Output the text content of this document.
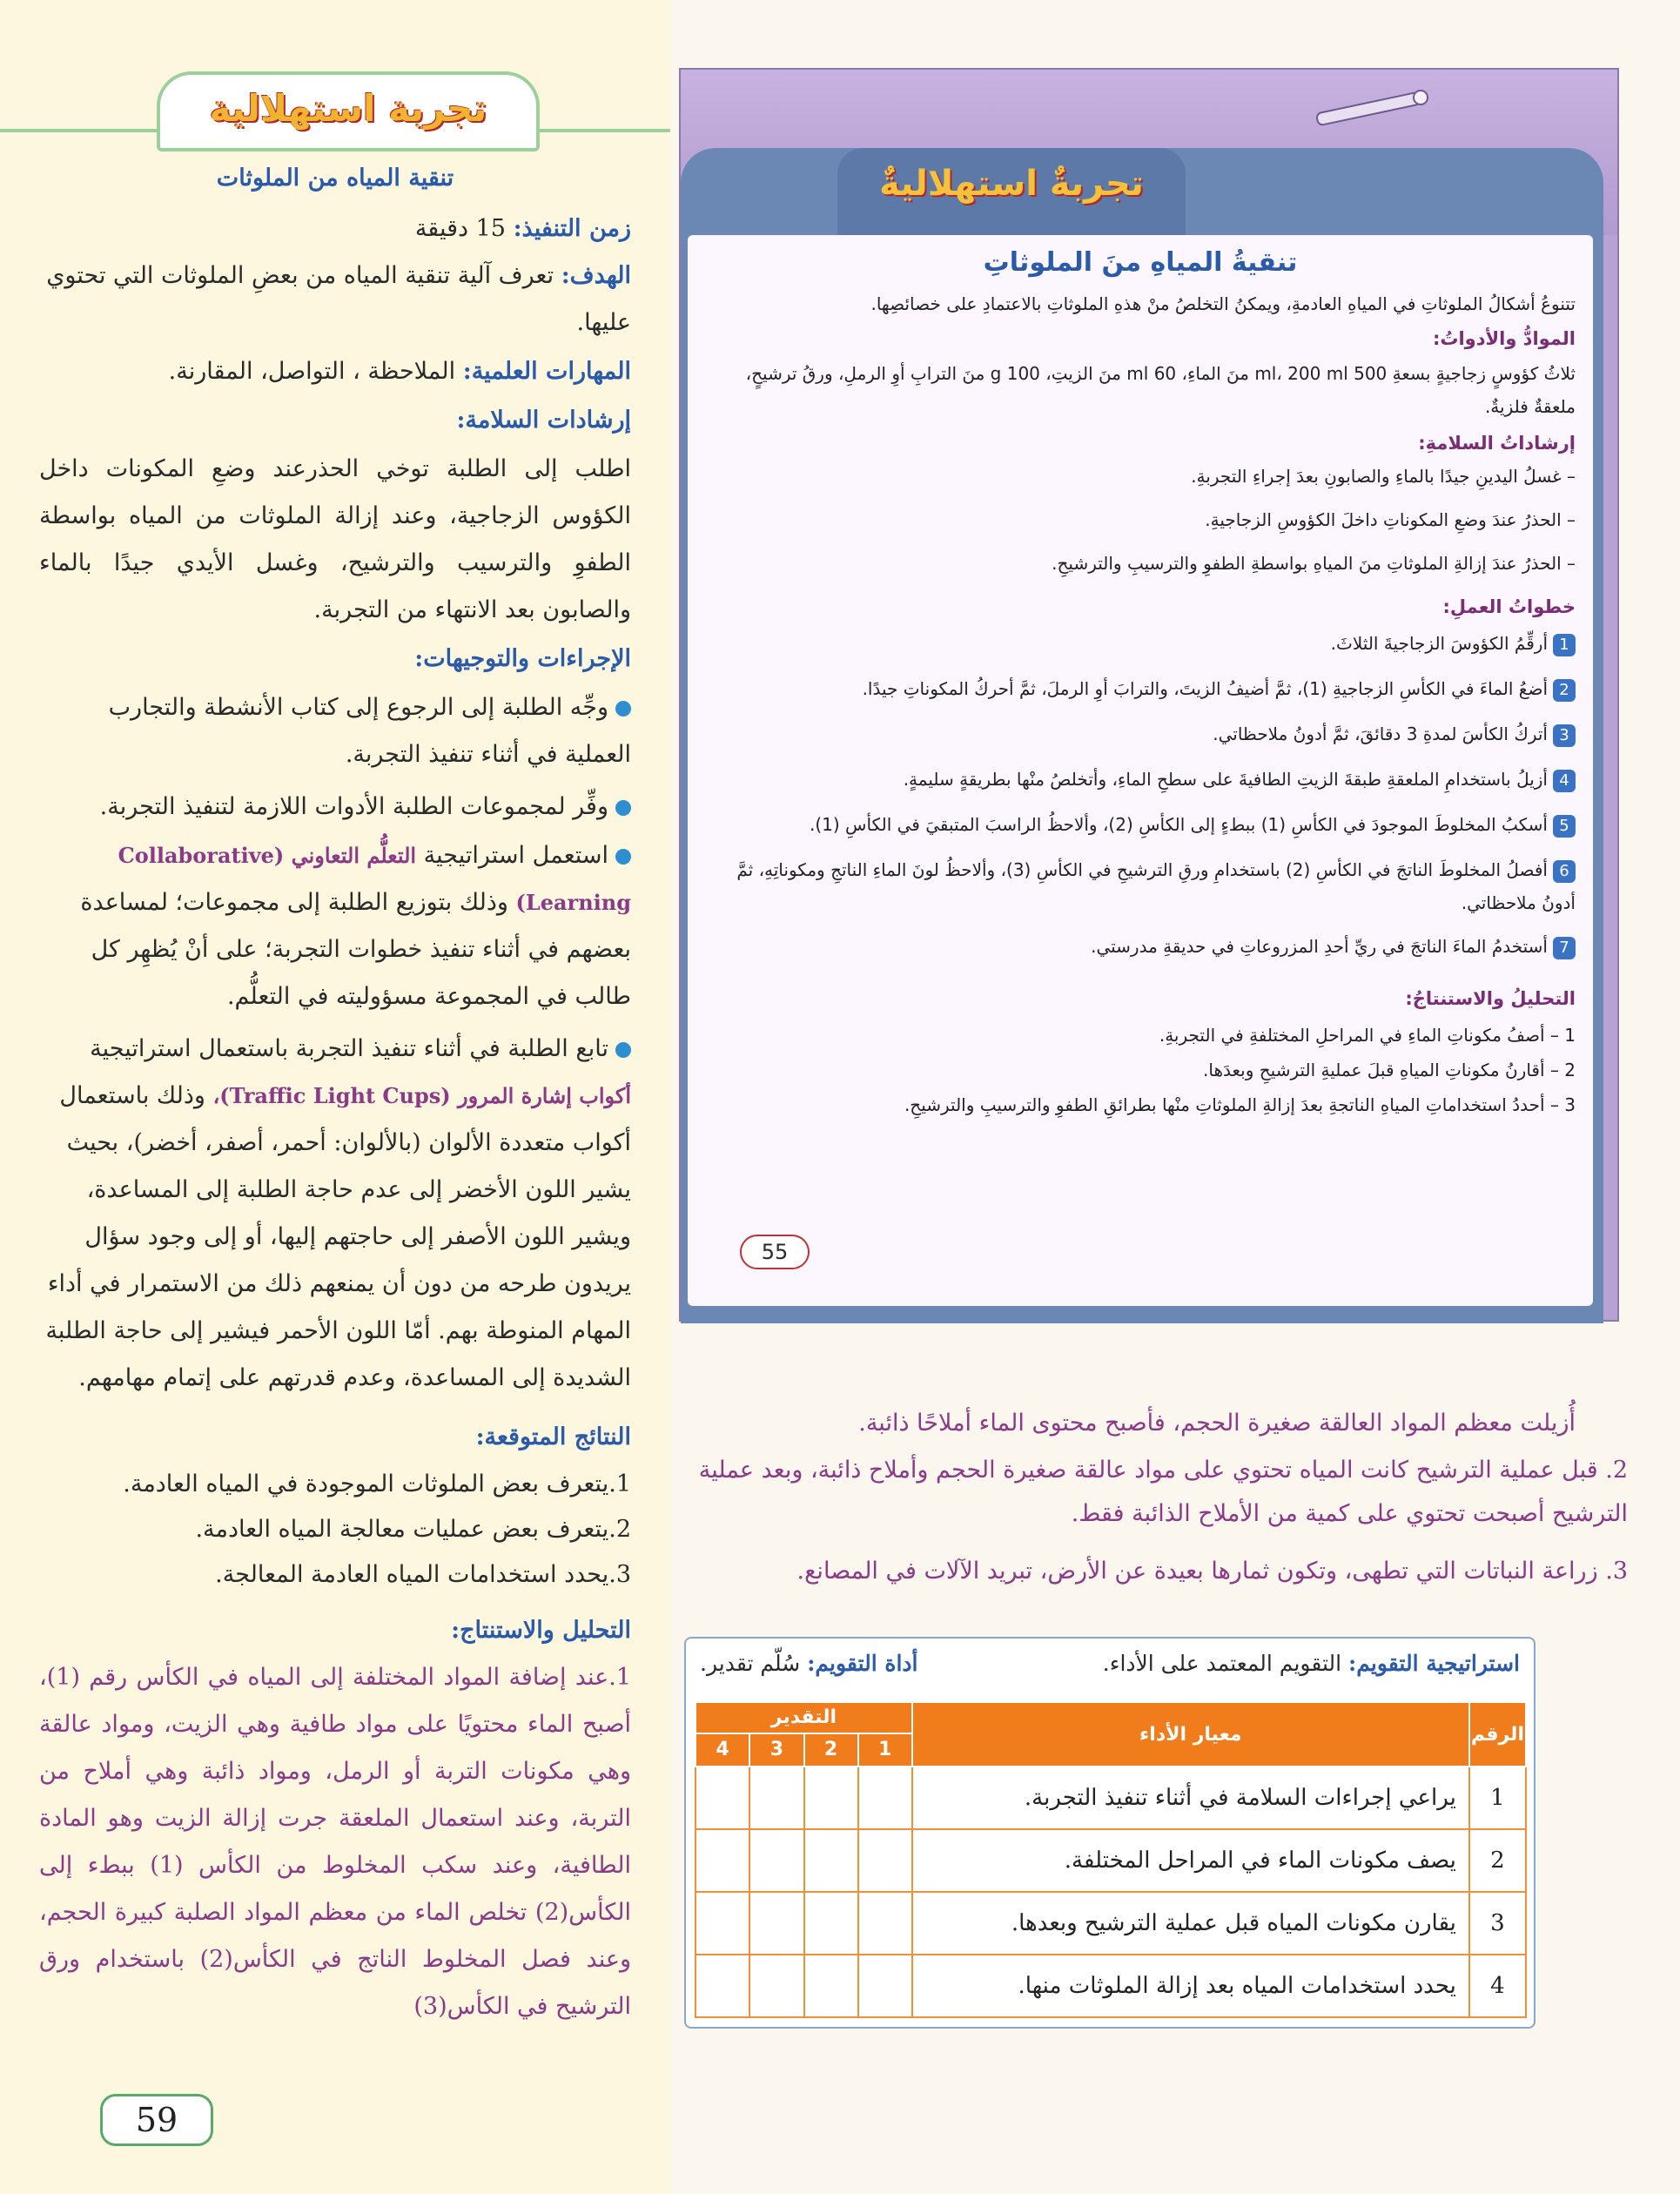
تجربة استهلالية
تنقية المياه من الملوثات
زمن التنفيذ: 15 دقيقة
الهدف: تعرف آلية تنقية المياه من بعضِ الملوثات التي تحتوي عليها.
المهارات العلمية: الملاحظة ، التواصل، المقارنة.
إرشادات السلامة:
اطلب إلى الطلبة توخي الحذرعند وضعِ المكونات داخل الكؤوس الزجاجية، وعند إزالة الملوثات من المياه بواسطة الطفوِ والترسيب والترشيح، وغسل الأيدي جيدًا بالماء والصابون بعد الانتهاء من التجربة.
الإجراءات والتوجيهات:
وجِّه الطلبة إلى الرجوع إلى كتاب الأنشطة والتجارب العملية في أثناء تنفيذ التجربة.
وفِّر لمجموعات الطلبة الأدوات اللازمة لتنفيذ التجربة.
استعمل استراتيجية التعلُّم التعاوني (Collaborative Learning) وذلك بتوزيع الطلبة إلى مجموعات؛ لمساعدة بعضهم في أثناء تنفيذ خطوات التجربة؛ على أنْ يُظهِر كل طالب في المجموعة مسؤوليته في التعلُّم.
تابع الطلبة في أثناء تنفيذ التجربة باستعمال استراتيجية أكواب إشارة المرور (Traffic Light Cups)، وذلك باستعمال أكواب متعددة الألوان (بالألوان: أحمر، أصفر، أخضر)، بحيث يشير اللون الأخضر إلى عدم حاجة الطلبة إلى المساعدة، ويشير اللون الأصفر إلى حاجتهم إليها، أو إلى وجود سؤال يريدون طرحه من دون أن يمنعهم ذلك من الاستمرار في أداء المهام المنوطة بهم. أمّا اللون الأحمر فيشير إلى حاجة الطلبة الشديدة إلى المساعدة، وعدم قدرتهم على إتمام مهامهم.
النتائج المتوقعة:
1.يتعرف بعض الملوثات الموجودة في المياه العادمة.
2.يتعرف بعض عمليات معالجة المياه العادمة.
3.يحدد استخدامات المياه العادمة المعالجة.
التحليل والاستنتاج:
1.عند إضافة المواد المختلفة إلى المياه في الكأس رقم (1)، أصبح الماء محتويًا على مواد طافية وهي الزيت، ومواد عالقة وهي مكونات التربة أو الرمل، ومواد ذائبة وهي أملاح من التربة، وعند استعمال الملعقة جرت إزالة الزيت وهو المادة الطافية، وعند سكب المخلوط من الكأس (1) ببطء إلى الكأس(2) تخلص الماء من معظم المواد الصلبة كبيرة الحجم، وعند فصل المخلوط الناتج في الكأس(2) باستخدام ورق الترشيح في الكأس(3)
59
تجربةٌ استهلاليةٌ
تنقيةُ المياهِ منَ الملوثاتِ
تتنوعُ أشكالُ الملوثاتِ في المياهِ العادمةِ، ويمكنُ التخلصُ منْ هذهِ الملوثاتِ بالاعتمادِ على خصائصِها.
الموادُّ والأدواتُ:
ثلاثُ كؤوسٍ زجاجيةٍ بسعةِ 500 ml، 200 ml منَ الماءِ، 60 ml منَ الزيتِ، 100 g منَ الترابِ أوِ الرملِ، ورقُ ترشيحٍ، ملعقةٌ فلزيةٌ.
إرشاداتُ السلامةِ:
– غسلُ اليدينِ جيدًا بالماءِ والصابونِ بعدَ إجراءِ التجربةِ.
– الحذرُ عندَ وضعِ المكوناتِ داخلَ الكؤوسِ الزجاجيةِ.
– الحذرُ عندَ إزالةِ الملوثاتِ منَ المياهِ بواسطةِ الطفوِ والترسيبِ والترشيحِ.
خطواتُ العملِ:
1أرقِّمُ الكؤوسَ الزجاجيةَ الثلاثَ.
2أضعُ الماءَ في الكأسِ الزجاجيةِ (1)، ثمَّ أضيفُ الزيتَ، والترابَ أوِ الرملَ، ثمَّ أحركُ المكوناتِ جيدًا.
3أتركُ الكأسَ لمدةِ 3 دقائقَ، ثمَّ أدونُ ملاحظاتي.
4أزيلُ باستخدامِ الملعقةِ طبقةَ الزيتِ الطافيةَ على سطحِ الماءِ، وأتخلصُ منْها بطريقةٍ سليمةٍ.
5أسكبُ المخلوطَ الموجودَ في الكأسِ (1) ببطءٍ إلى الكأسِ (2)، وألاحظُ الراسبَ المتبقيَ في الكأسِ (1).
6أفصلُ المخلوطَ الناتجَ في الكأسِ (2) باستخدامِ ورقِ الترشيحِ في الكأسِ (3)، وألاحظُ لونَ الماءِ الناتجِ ومكوناتِهِ، ثمَّ أدونُ ملاحظاتي.
7أستخدمُ الماءَ الناتجَ في ريِّ أحدِ المزروعاتِ في حديقةِ مدرستي.
التحليلُ والاستنتاجُ:
1 – أصفُ مكوناتِ الماءِ في المراحلِ المختلفةِ في التجربةِ.
2 – أقارنُ مكوناتِ المياهِ قبلَ عمليةِ الترشيحِ وبعدَها.
3 – أحددُ استخداماتِ المياهِ الناتجةِ بعدَ إزالةِ الملوثاتِ منْها بطرائقِ الطفوِ والترسيبِ والترشيحِ.
55
أُزيلت معظم المواد العالقة صغيرة الحجم، فأصبح محتوى الماء أملاحًا ذائبة.
2. قبل عملية الترشيح كانت المياه تحتوي على مواد عالقة صغيرة الحجم وأملاح ذائبة، وبعد عملية الترشيح أصبحت تحتوي على كمية من الأملاح الذائبة فقط.
3. زراعة النباتات التي تطهى، وتكون ثمارها بعيدة عن الأرض، تبريد الآلات في المصانع.
استراتيجية التقويم: التقويم المعتمد على الأداء.
أداة التقويم: سُلّم تقدير.
الرقم	معيار الأداء	التقدير			
		1	2	3	4
1	يراعي إجراءات السلامة في أثناء تنفيذ التجربة.				
2	يصف مكونات الماء في المراحل المختلفة.				
3	يقارن مكونات المياه قبل عملية الترشيح وبعدها.				
4	يحدد استخدامات المياه بعد إزالة الملوثات منها.				
